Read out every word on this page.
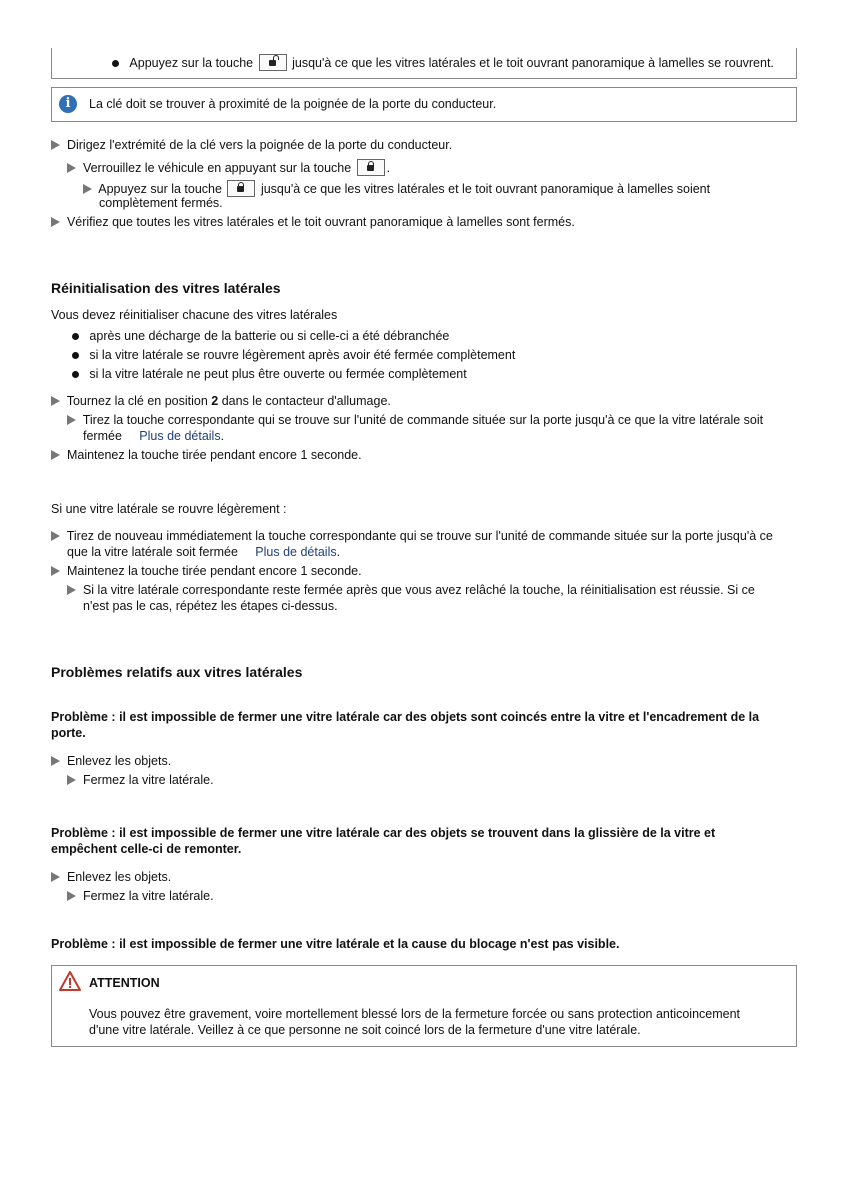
Appuyez sur la touche	jusqu'à ce que les vitres latérales et le toit ouvrant panoramique à lamelles se rouvrent.
i	La clé doit se trouver à proximité de la poignée de la porte du conducteur.
Dirigez l'extrémité de la clé vers la poignée de la porte du conducteur.
Verrouillez le véhicule en appuyant sur la touche	.
Appuyez sur la touche	jusqu'à ce que les vitres latérales et le toit ouvrant panoramique à lamelles soient
complètement fermés.
Vérifiez que toutes les vitres latérales et le toit ouvrant panoramique à lamelles sont fermés.
Réinitialisation des vitres latérales
Vous devez réinitialiser chacune des vitres latérales
après une décharge de la batterie ou si celle-ci a été débranchée
si la vitre latérale se rouvre légèrement après avoir été fermée complètement
si la vitre latérale ne peut plus être ouverte ou fermée complètement
Tournez la clé en position 2 dans le contacteur d'allumage.
Tirez la touche correspondante qui se trouve sur l'unité de commande située sur la porte jusqu'à ce que la vitre latérale soit
fermée Plus de détails.
Maintenez la touche tirée pendant encore 1 seconde.
Si une vitre latérale se rouvre légèrement :
Tirez de nouveau immédiatement la touche correspondante qui se trouve sur l'unité de commande située sur la porte jusqu'à ce
que la vitre latérale soit fermée Plus de détails.
Maintenez la touche tirée pendant encore 1 seconde.
Si la vitre latérale correspondante reste fermée après que vous avez relâché la touche, la réinitialisation est réussie. Si ce
n'est pas le cas, répétez les étapes ci-dessus.
Problèmes relatifs aux vitres latérales
Problème : il est impossible de fermer une vitre latérale car des objets sont coincés entre la vitre et l'encadrement de la
porte.
Enlevez les objets.
Fermez la vitre latérale.
Problème : il est impossible de fermer une vitre latérale car des objets se trouvent dans la glissière de la vitre et
empêchent celle-ci de remonter.
Enlevez les objets.
Fermez la vitre latérale.
Problème : il est impossible de fermer une vitre latérale et la cause du blocage n'est pas visible.
ATTENTION
Vous pouvez être gravement, voire mortellement blessé lors de la fermeture forcée ou sans protection anticoincement
d'une vitre latérale. Veillez à ce que personne ne soit coincé lors de la fermeture d'une vitre latérale.
